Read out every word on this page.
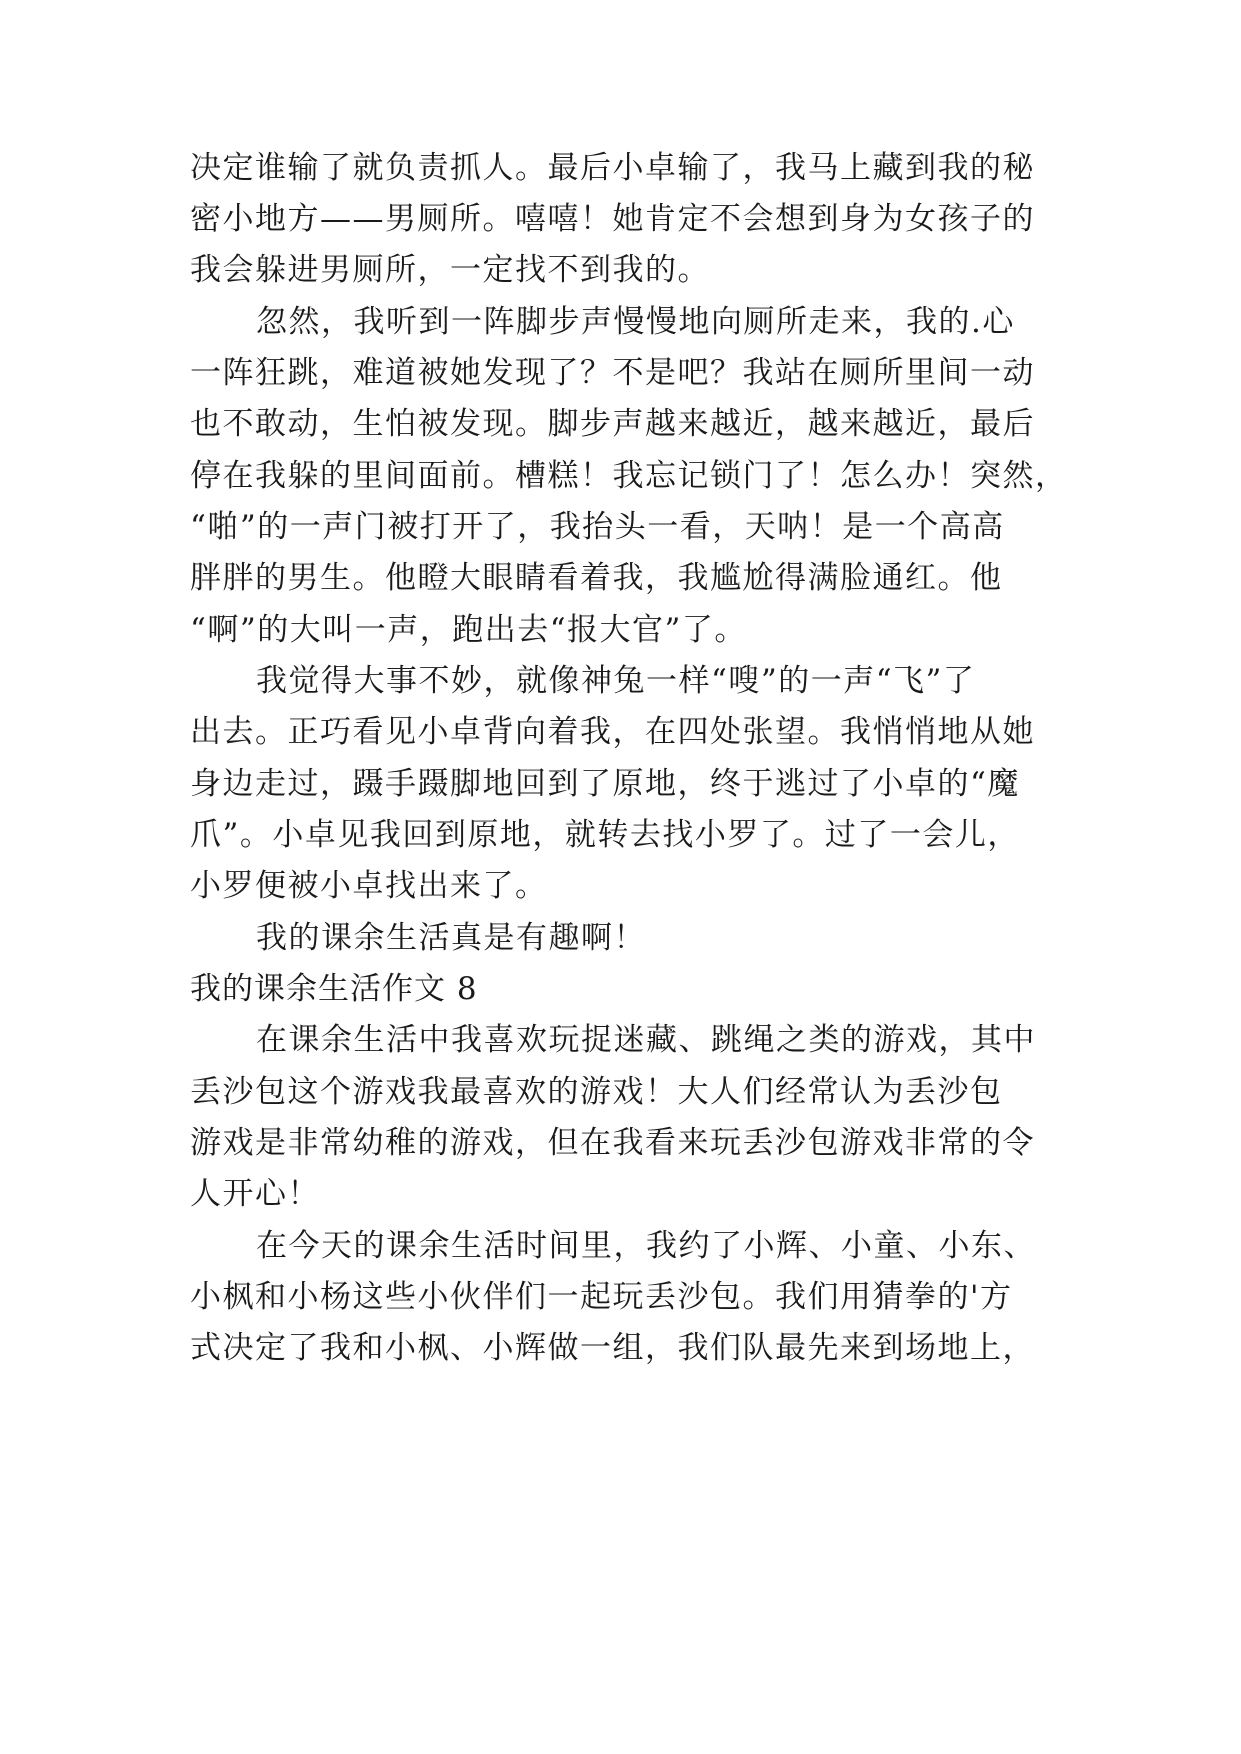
决定谁输了就负责抓人。最后小卓输了，我马上藏到我的秘
密小地方——男厕所。嘻嘻！她肯定不会想到身为女孩子的
我会躲进男厕所，一定找不到我的。
忽然，我听到一阵脚步声慢慢地向厕所走来，我的.心
一阵狂跳，难道被她发现了？不是吧？我站在厕所里间一动
也不敢动，生怕被发现。脚步声越来越近，越来越近，最后
停在我躲的里间面前。槽糕！我忘记锁门了！怎么办！突然，
“啪”的一声门被打开了，我抬头一看，天呐！是一个高高
胖胖的男生。他瞪大眼睛看着我，我尴尬得满脸通红。他
“啊”的大叫一声，跑出去“报大官”了。
我觉得大事不妙，就像神兔一样“嗖”的一声“飞”了
出去。正巧看见小卓背向着我，在四处张望。我悄悄地从她
身边走过，蹑手蹑脚地回到了原地，终于逃过了小卓的“魔
爪”。小卓见我回到原地，就转去找小罗了。过了一会儿，
小罗便被小卓找出来了。
我的课余生活真是有趣啊！
我的课余生活作文 8
在课余生活中我喜欢玩捉迷藏、跳绳之类的游戏，其中
丢沙包这个游戏我最喜欢的游戏！大人们经常认为丢沙包
游戏是非常幼稚的游戏，但在我看来玩丢沙包游戏非常的令
人开心！
在今天的课余生活时间里，我约了小辉、小童、小东、
小枫和小杨这些小伙伴们一起玩丢沙包。我们用猜拳的'方
式决定了我和小枫、小辉做一组，我们队最先来到场地上，
